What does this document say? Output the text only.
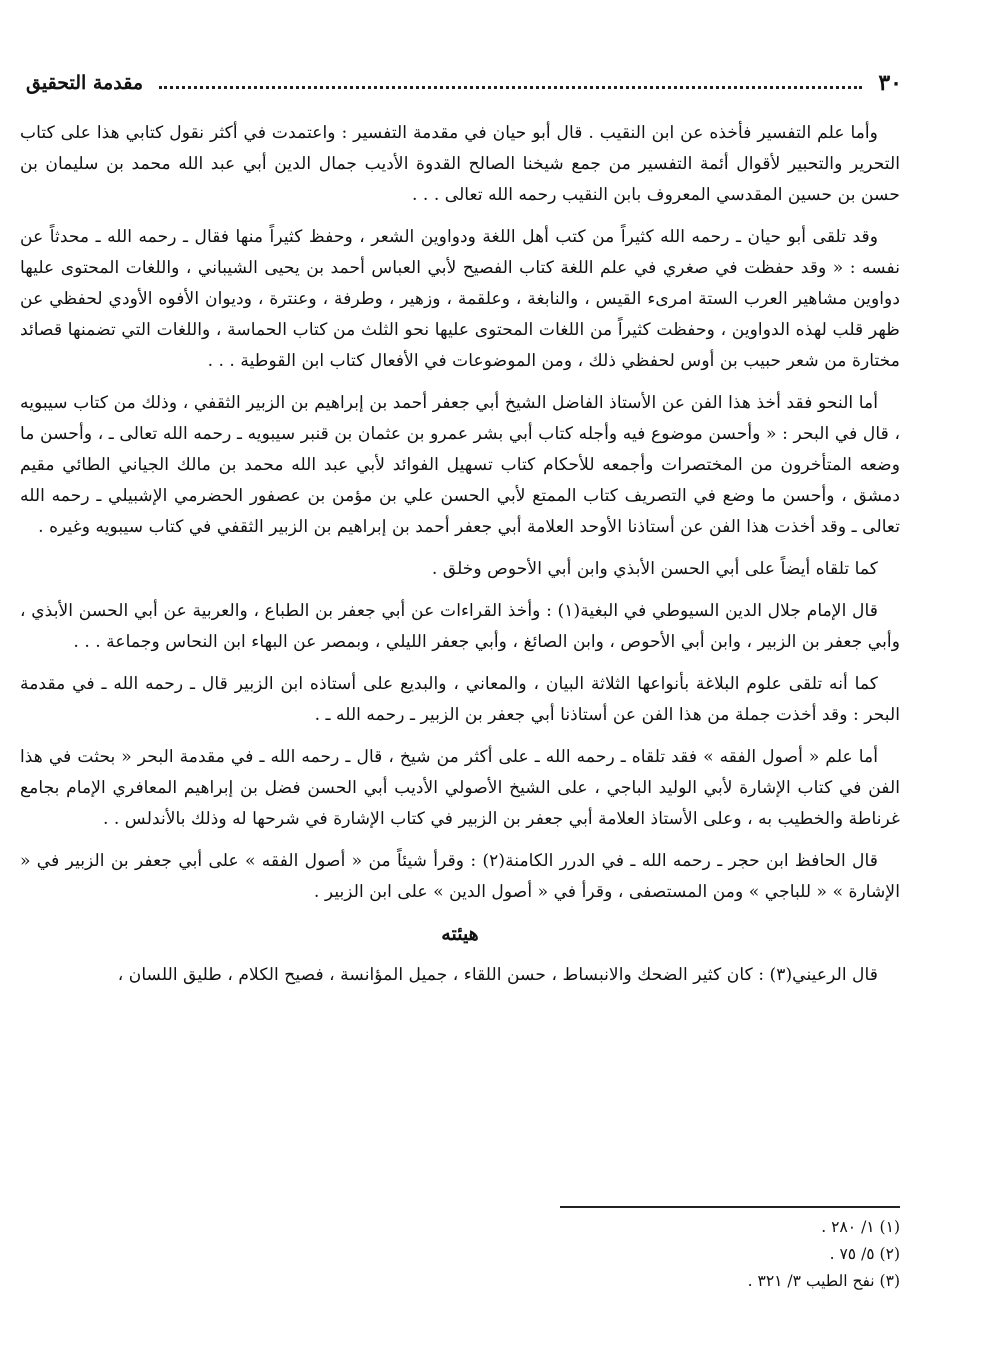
٣٠
مقدمة التحقيق

وأما علم التفسير فأخذه عن ابن النقيب . قال أبو حيان في مقدمة التفسير : واعتمدت في أكثر نقول كتابي هذا على كتاب التحرير والتحبير لأقوال أئمة التفسير من جمع شيخنا الصالح القدوة الأديب جمال الدين أبي عبد الله محمد بن سليمان بن حسن بن حسين المقدسي المعروف بابن النقيب رحمه الله تعالى . . .

وقد تلقى أبو حيان ـ رحمه الله كثيراً من كتب أهل اللغة ودواوين الشعر ، وحفظ كثيراً منها فقال ـ رحمه الله ـ محدثاً عن نفسه : « وقد حفظت في صغري في علم اللغة كتاب الفصيح لأبي العباس أحمد بن يحيى الشيباني ، واللغات المحتوى عليها دواوين مشاهير العرب الستة امرىء القيس ، والنابغة ، وعلقمة ، وزهير ، وطرفة ، وعنترة ، وديوان الأفوه الأودي لحفظي عن ظهر قلب لهذه الدواوين ، وحفظت كثيراً من اللغات المحتوى عليها نحو الثلث من كتاب الحماسة ، واللغات التي تضمنها قصائد مختارة من شعر حبيب بن أوس لحفظي ذلك ، ومن الموضوعات في الأفعال كتاب ابن القوطية . . .

أما النحو فقد أخذ هذا الفن عن الأستاذ الفاضل الشيخ أبي جعفر أحمد بن إبراهيم بن الزبير الثقفي ، وذلك من كتاب سيبويه ، قال في البحر : « وأحسن موضوع فيه وأجله كتاب أبي بشر عمرو بن عثمان بن قنبر سيبويه ـ رحمه الله تعالى ـ ، وأحسن ما وضعه المتأخرون من المختصرات وأجمعه للأحكام كتاب تسهيل الفوائد لأبي عبد الله محمد بن مالك الجياني الطائي مقيم دمشق ، وأحسن ما وضع في التصريف كتاب الممتع لأبي الحسن علي بن مؤمن بن عصفور الحضرمي الإشبيلي ـ رحمه الله تعالى ـ وقد أخذت هذا الفن عن أستاذنا الأوحد العلامة أبي جعفر أحمد بن إبراهيم بن الزبير الثقفي في كتاب سيبويه وغيره .

كما تلقاه أيضاً على أبي الحسن الأبذي وابن أبي الأحوص وخلق .

قال الإمام جلال الدين السيوطي في البغية(١) : وأخذ القراءات عن أبي جعفر بن الطباع ، والعربية عن أبي الحسن الأبذي ، وأبي جعفر بن الزبير ، وابن أبي الأحوص ، وابن الصائغ ، وأبي جعفر الليلي ، وبمصر عن البهاء ابن النحاس وجماعة . . .

كما أنه تلقى علوم البلاغة بأنواعها الثلاثة البيان ، والمعاني ، والبديع على أستاذه ابن الزبير قال ـ رحمه الله ـ في مقدمة البحر : وقد أخذت جملة من هذا الفن عن أستاذنا أبي جعفر بن الزبير ـ رحمه الله ـ .

أما علم « أصول الفقه » فقد تلقاه ـ رحمه الله ـ على أكثر من شيخ ، قال ـ رحمه الله ـ في مقدمة البحر « بحثت في هذا الفن في كتاب الإشارة لأبي الوليد الباجي ، على الشيخ الأصولي الأديب أبي الحسن فضل بن إبراهيم المعافري الإمام بجامع غرناطة والخطيب به ، وعلى الأستاذ العلامة أبي جعفر بن الزبير في كتاب الإشارة في شرحها له وذلك بالأندلس . .

قال الحافظ ابن حجر ـ رحمه الله ـ في الدرر الكامنة(٢) : وقرأ شيئاً من « أصول الفقه » على أبي جعفر بن الزبير في « الإشارة » « للباجي » ومن المستصفى ، وقرأ في « أصول الدين » على ابن الزبير .

هيئته

قال الرعيني(٣) : كان كثير الضحك والانبساط ، حسن اللقاء ، جميل المؤانسة ، فصيح الكلام ، طليق اللسان ،

(١) ١/ ٢٨٠ .

(٢) ٥/ ٧٥ .

(٣) نفح الطيب ٣/ ٣٢١ .
